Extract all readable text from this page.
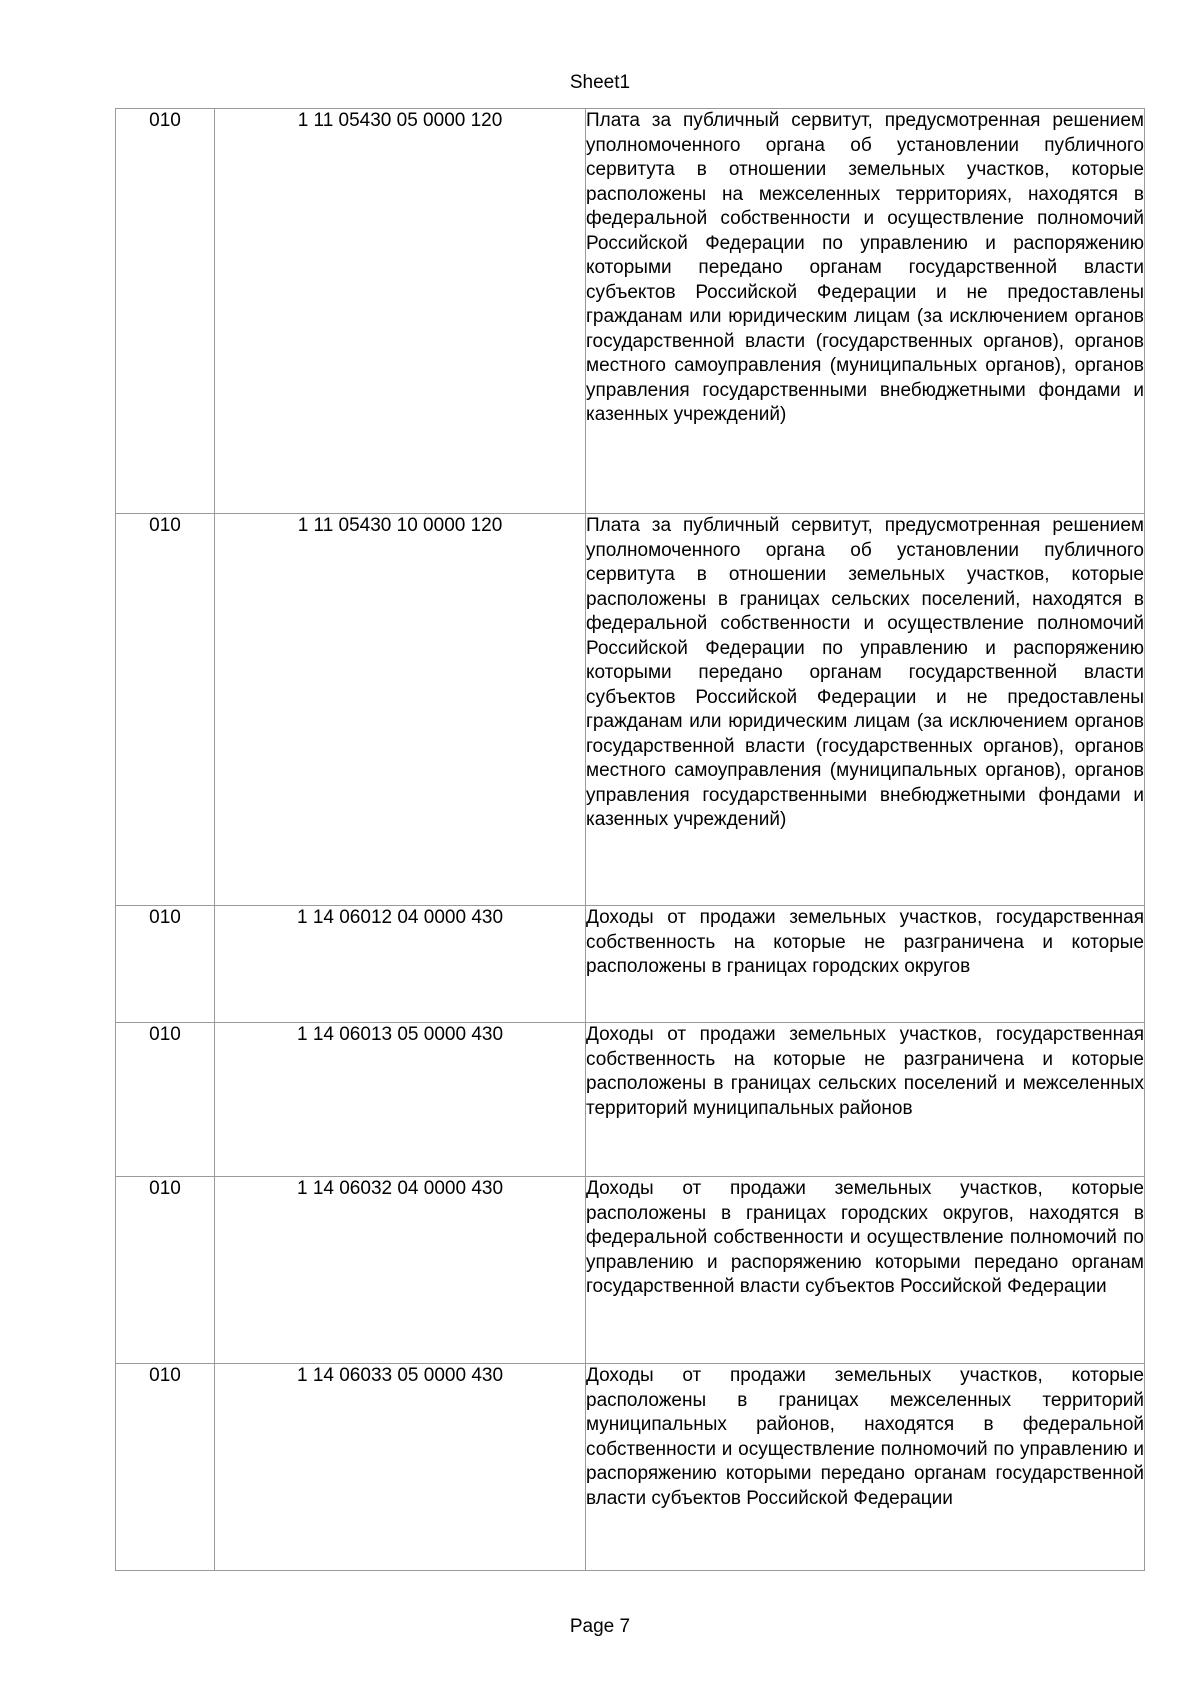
Sheet1
010	1 11 05430 05 0000 120	Плата за публичный сервитут, предусмотренная решением уполномоченного органа об установлении публичного сервитута в отношении земельных участков, которые расположены на межселенных территориях, находятся в федеральной собственности и осуществление полномочий Российской Федерации по управлению и распоряжению которыми передано органам государственной власти субъектов Российской Федерации и не предоставлены гражданам или юридическим лицам (за исключением органов государственной власти (государственных органов), органов местного самоуправления (муниципальных органов), органов управления государственными внебюджетными фондами и казенных учреждений)
010	1 11 05430 10 0000 120	Плата за публичный сервитут, предусмотренная решением уполномоченного органа об установлении публичного сервитута в отношении земельных участков, которые расположены в границах сельских поселений, находятся в федеральной собственности и осуществление полномочий Российской Федерации по управлению и распоряжению которыми передано органам государственной власти субъектов Российской Федерации и не предоставлены гражданам или юридическим лицам (за исключением органов государственной власти (государственных органов), органов местного самоуправления (муниципальных органов), органов управления государственными внебюджетными фондами и казенных учреждений)
010	1 14 06012 04 0000 430	Доходы от продажи земельных участков, государственная собственность на которые не разграничена и которые расположены в границах городских округов
010	1 14 06013 05 0000 430	Доходы от продажи земельных участков, государственная собственность на которые не разграничена и которые расположены в границах сельских поселений и межселенных территорий муниципальных районов
010	1 14 06032 04 0000 430	Доходы от продажи земельных участков, которые расположены в границах городских округов, находятся в федеральной собственности и осуществление полномочий по управлению и распоряжению которыми передано органам государственной власти субъектов Российской Федерации
010	1 14 06033 05 0000 430	Доходы от продажи земельных участков, которые расположены в границах межселенных территорий муниципальных районов, находятся в федеральной собственности и осуществление полномочий по управлению и распоряжению которыми передано органам государственной власти субъектов Российской Федерации
Page 7
